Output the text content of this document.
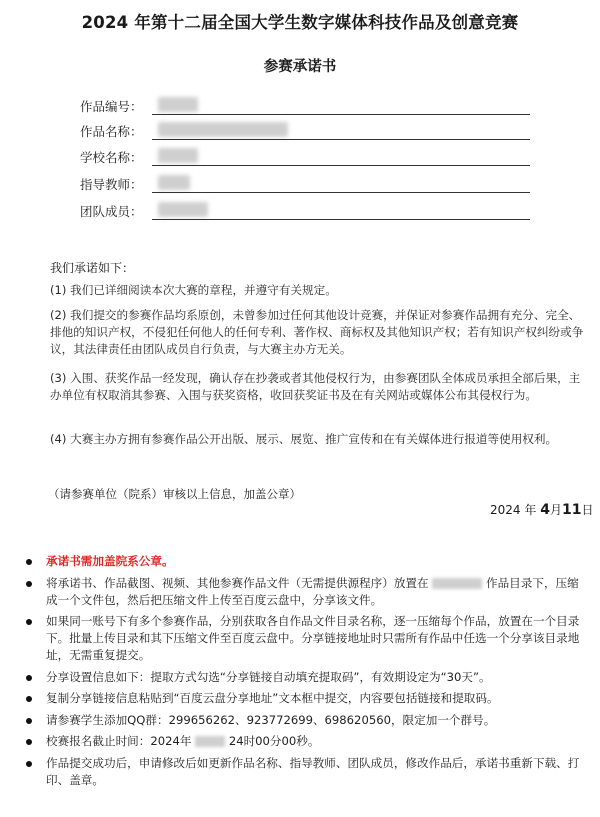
2024 年第十二届全国大学生数字媒体科技作品及创意竞赛
参赛承诺书
作品编号：
作品名称：
学校名称：
指导教师：
团队成员：
我们承诺如下：
(1) 我们已详细阅读本次大赛的章程，并遵守有关规定。
(2) 我们提交的参赛作品均系原创，未曾参加过任何其他设计竞赛，并保证对参赛作品拥有充分、完全、排他的知识产权，不侵犯任何他人的任何专利、著作权、商标权及其他知识产权；若有知识产权纠纷或争议，其法律责任由团队成员自行负责，与大赛主办方无关。
(3) 入围、获奖作品一经发现，确认存在抄袭或者其他侵权行为，由参赛团队全体成员承担全部后果，主办单位有权取消其参赛、入围与获奖资格，收回获奖证书及在有关网站或媒体公布其侵权行为。
(4) 大赛主办方拥有参赛作品公开出版、展示、展览、推广宣传和在有关媒体进行报道等使用权利。
（请参赛单位（院系）审核以上信息，加盖公章）
2024 年 4月11日
承诺书需加盖院系公章。
将承诺书、作品截图、视频、其他参赛作品文件（无需提供源程序）放置在	作品目录下，压缩成一个文件包，然后把压缩文件上传至百度云盘中，分享该文件。
如果同一账号下有多个参赛作品，分别获取各自作品文件目录名称，逐一压缩每个作品，放置在一个目录下。批量上传目录和其下压缩文件至百度云盘中。分享链接地址时只需所有作品中任选一个分享该目录地址，无需重复提交。
分享设置信息如下：提取方式勾选“分享链接自动填充提取码”，有效期设定为“30天”。
复制分享链接信息粘贴到“百度云盘分享地址”文本框中提交，内容要包括链接和提取码。
请参赛学生添加QQ群：299656262、923772699、698620560，限定加一个群号。
校赛报名截止时间：2024年	24时00分00秒。
作品提交成功后，申请修改后如更新作品名称、指导教师、团队成员，修改作品后，承诺书重新下载、打印、盖章。
